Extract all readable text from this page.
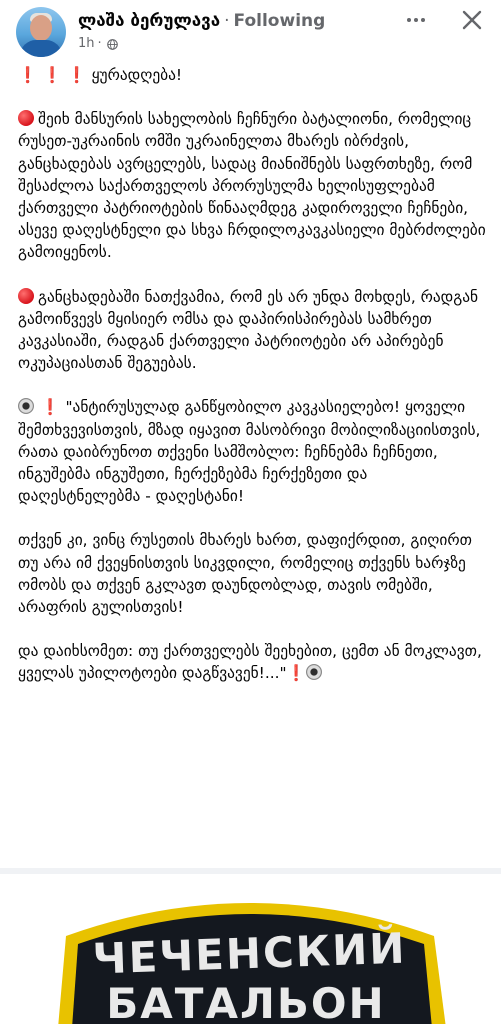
ლაშა ბერულავა · Following
1h ·

❗ ❗ ❗ ყურადღება!

შეიხ მანსურის სახელობის ჩეჩნური ბატალიონი, რომელიც რუსეთ-უკრაინის ომში უკრაინელთა მხარეს იბრძვის, განცხადებას ავრცელებს, სადაც მიანიშნებს საფრთხეზე, რომ შესაძლოა საქართველოს პრორუსულმა ხელისუფლებამ ქართველი პატრიოტების წინააღმდეგ კადიროველი ჩეჩნები, ასევე დაღესტნელი და სხვა ჩრდილოკავკასიელი მებრძოლები გამოიყენოს.

განცხადებაში ნათქვამია, რომ ეს არ უნდა მოხდეს, რადგან გამოიწვევს მყისიერ ომსა და დაპირისპირებას სამხრეთ კავკასიაში, რადგან ქართველი პატრიოტები არ აპირებენ ოკუპაციასთან შეგუებას.

❗ "ანტირუსულად განწყობილო კავკასიელებო! ყოველი შემთხვევისთვის, მზად იყავით მასობრივი მობილიზაციისთვის, რათა დაიბრუნოთ თქვენი სამშობლო: ჩეჩნებმა ჩეჩნეთი, ინგუშებმა ინგუშეთი, ჩერქეზებმა ჩერქეზეთი და დაღესტნელებმა - დაღესტანი!

თქვენ კი, ვინც რუსეთის მხარეს ხართ, დაფიქრდით, გიღირთ თუ არა იმ ქვეყნისთვის სიკვდილი, რომელიც თქვენს ხარჯზე ომობს და თქვენ გკლავთ დაუნდობლად, თავის ომებში, არაფრის გულისთვის!

და დაიხსომეთ: თუ ქართველებს შეეხებით, ცემთ ან მოკლავთ, ყველას უპილოტოები დაგწვავენ!..."❗

ЧЕЧЕНСКИЙ
БАТАЛЬОН
